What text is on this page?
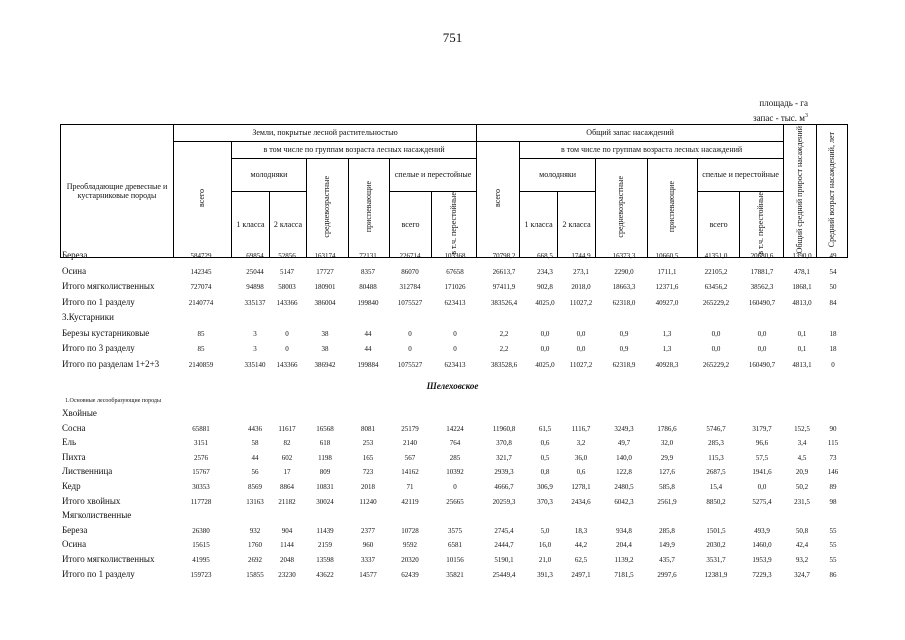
751
площадь - га
запас - тыс. $м^3$
Преобладающие древесные и кустарниковые породы	Земли, покрытые лесной растительностью							Общий запас насаждений							Общий средний прирост насаждений	Средний возраст насаждений, лет
	всего	в том числе по группам возраста лесных насаждений						всего	в том числе по группам возраста лесных насаждений							
		молодняки		средневозрастные	приспевающие	спелые и перестойные			молодняки		средневозрастные	приспевающие	спелые и перестойные			

		1 класса	2 класса			всего	в т.ч. перестойные		1 класса	2 класса			всего	в т.ч. перестойные		

Береза	584729	69854 52856	163174	72131	226714	103368	70798,2	668,5	1744,9	16373,3	10660,5	41351,0	20680,6	1390,0	49
Осина	142345	25044 5147	17727	8357	86070	67658	26613,7	234,3	273,1	2290,0	1711,1	22105,2	17881,7	478,1	54
Итого мягколиственных	727074	94898 58003	180901	80488	312784	171026	97411,9	902,8	2018,0	18663,3	12371,6	63456,2	38562,3	1868,1	50
Итого по 1 разделу	2140774	335137 143366 386004	199840	1075527	623413	383526,4	4025,0 11027,2	62318,0	40927,0	265229,2	160490,7 4813,0	84
3.Кустарники
Березы кустарниковые	85	3	0	38	44	0	0	2,2	0,0	0,0	0,9	1,3	0,0	0,0	0,1	18
Итого по 3 разделу	85	3	0	38	44	0	0	2,2	0,0	0,0	0,9	1,3	0,0	0,0	0,1	18
Итого по разделам 1+2+3	2140859	335140 143366 386942	199884	1075527	623413	383528,6	4025,0 11027,2	62318,9	40928,3	265229,2	160490,7 4813,1	0
Шелеховское
1.Основные лесообразующие породы
Хвойные
Сосна	65881	4436 11617	16568	8081	25179	14224	11960,8	61,5	1116,7	3249,3	1786,6	5746,7	3179,7	152,5	90
Ель	3151	58	82	618	253	2140	764	370,8	0,6	3,2	49,7	32,0	285,3	96,6	3,4	115
Пихта	2576	44	602	1198	165	567	285	321,7	0,5	36,0	140,0	29,9	115,3	57,5	4,5	73
Лиственница	15767	56	17	809	723	14162	10392	2939,3	0,8	0,6	122,8	127,6	2687,5	1941,6	20,9	146
Кедр	30353	8569	8864	10831	2018	71	0	4666,7	306,9	1278,1	2480,5	585,8	15,4	0,0	50,2	89
Итого хвойных	117728	13163 21182	30024	11240	42119	25665	20259,3	370,3	2434,6	6042,3	2561,9	8850,2	5275,4	231,5	98
Мягколиственные
Береза	26380	932	904	11439	2377	10728	3575	2745,4	5,0	18,3	934,8	285,8	1501,5	493,9	50,8	55
Осина	15615	1760	1144	2159	960	9592	6581	2444,7	16,0	44,2	204,4	149,9	2030,2	1460,0	42,4	55
Итого мягколиственных	41995	2692	2048	13598	3337	20320	10156	5190,1	21,0	62,5	1139,2	435,7	3531,7	1953,9	93,2	55
Итого по 1 разделу	159723	15855 23230	43622	14577	62439	35821	25449,4	391,3	2497,1	7181,5	2997,6	12381,9	7229,3	324,7	86
